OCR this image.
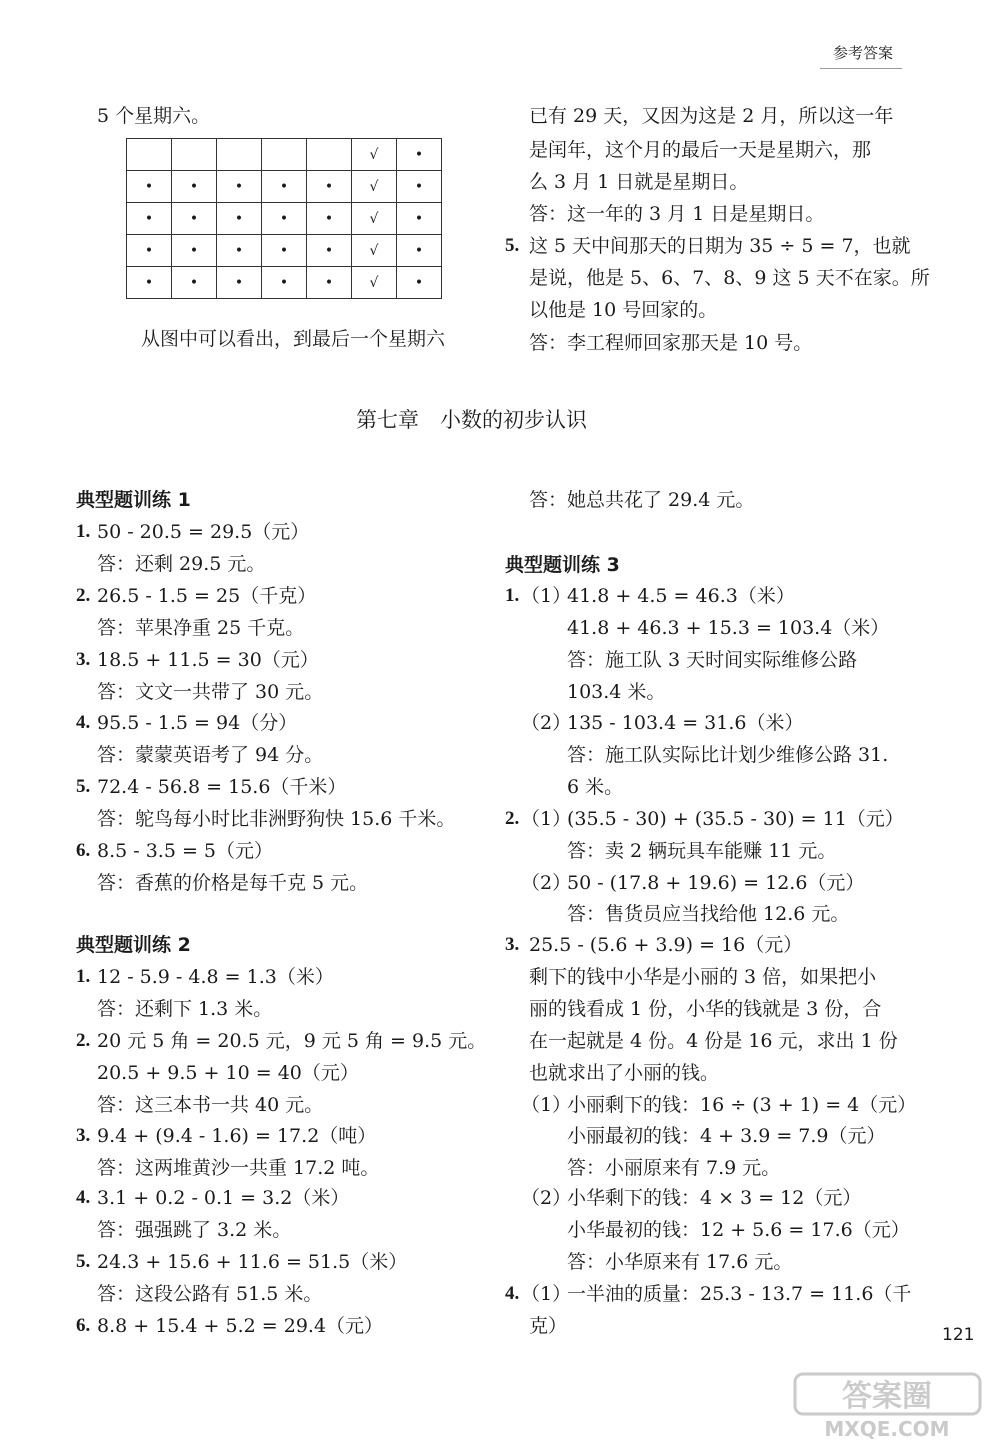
参考答案
5 个星期六。
					√	•
•	•	•	•	•	√	•
•	•	•	•	•	√	•
•	•	•	•	•	√	•
•	•	•	•	•	√	•
从图中可以看出，到最后一个星期六
已有 29 天，又因为这是 2 月，所以这一年
是闰年，这个月的最后一天是星期六，那
么 3 月 1 日就是星期日。
答：这一年的 3 月 1 日是星期日。
5. 这 5 天中间那天的日期为 35 ÷ 5 = 7，也就
是说，他是 5、6、7、8、9 这 5 天不在家。所
以他是 10 号回家的。
答：李工程师回家那天是 10 号。
第七章　小数的初步认识
典型题训练 1
1. 50 - 20.5 = 29.5（元）
答：还剩 29.5 元。
2. 26.5 - 1.5 = 25（千克）
答：苹果净重 25 千克。
3. 18.5 + 11.5 = 30（元）
答：文文一共带了 30 元。
4. 95.5 - 1.5 = 94（分）
答：蒙蒙英语考了 94 分。
5. 72.4 - 56.8 = 15.6（千米）
答：鸵鸟每小时比非洲野狗快 15.6 千米。
6. 8.5 - 3.5 = 5（元）
答：香蕉的价格是每千克 5 元。
典型题训练 2
1. 12 - 5.9 - 4.8 = 1.3（米）
答：还剩下 1.3 米。
2. 20 元 5 角 = 20.5 元，9 元 5 角 = 9.5 元。
20.5 + 9.5 + 10 = 40（元）
答：这三本书一共 40 元。
3. 9.4 + (9.4 - 1.6) = 17.2（吨）
答：这两堆黄沙一共重 17.2 吨。
4. 3.1 + 0.2 - 0.1 = 3.2（米）
答：强强跳了 3.2 米。
5. 24.3 + 15.6 + 11.6 = 51.5（米）
答：这段公路有 51.5 米。
6. 8.8 + 15.4 + 5.2 = 29.4（元）
答：她总共花了 29.4 元。
典型题训练 3
1. （1）
41.8 + 4.5 = 46.3（米）
41.8 + 46.3 + 15.3 = 103.4（米）
答：施工队 3 天时间实际维修公路
103.4 米。
（2）
135 - 103.4 = 31.6（米）
答：施工队实际比计划少维修公路 31.
6 米。
2. （1）
(35.5 - 30) + (35.5 - 30) = 11（元）
答：卖 2 辆玩具车能赚 11 元。
（2）
50 - (17.8 + 19.6) = 12.6（元）
答：售货员应当找给他 12.6 元。
3. 25.5 - (5.6 + 3.9) = 16（元）
剩下的钱中小华是小丽的 3 倍，如果把小
丽的钱看成 1 份，小华的钱就是 3 份，合
在一起就是 4 份。4 份是 16 元，求出 1 份
也就求出了小丽的钱。
（1）
小丽剩下的钱：16 ÷ (3 + 1) = 4（元）
小丽最初的钱：4 + 3.9 = 7.9（元）
答：小丽原来有 7.9 元。
（2）
小华剩下的钱：4 × 3 = 12（元）
小华最初的钱：12 + 5.6 = 17.6（元）
答：小华原来有 17.6 元。
4. （1）
一半油的质量：25.3 - 13.7 = 11.6（千
克）	121
答案圈
MXQE.COM
